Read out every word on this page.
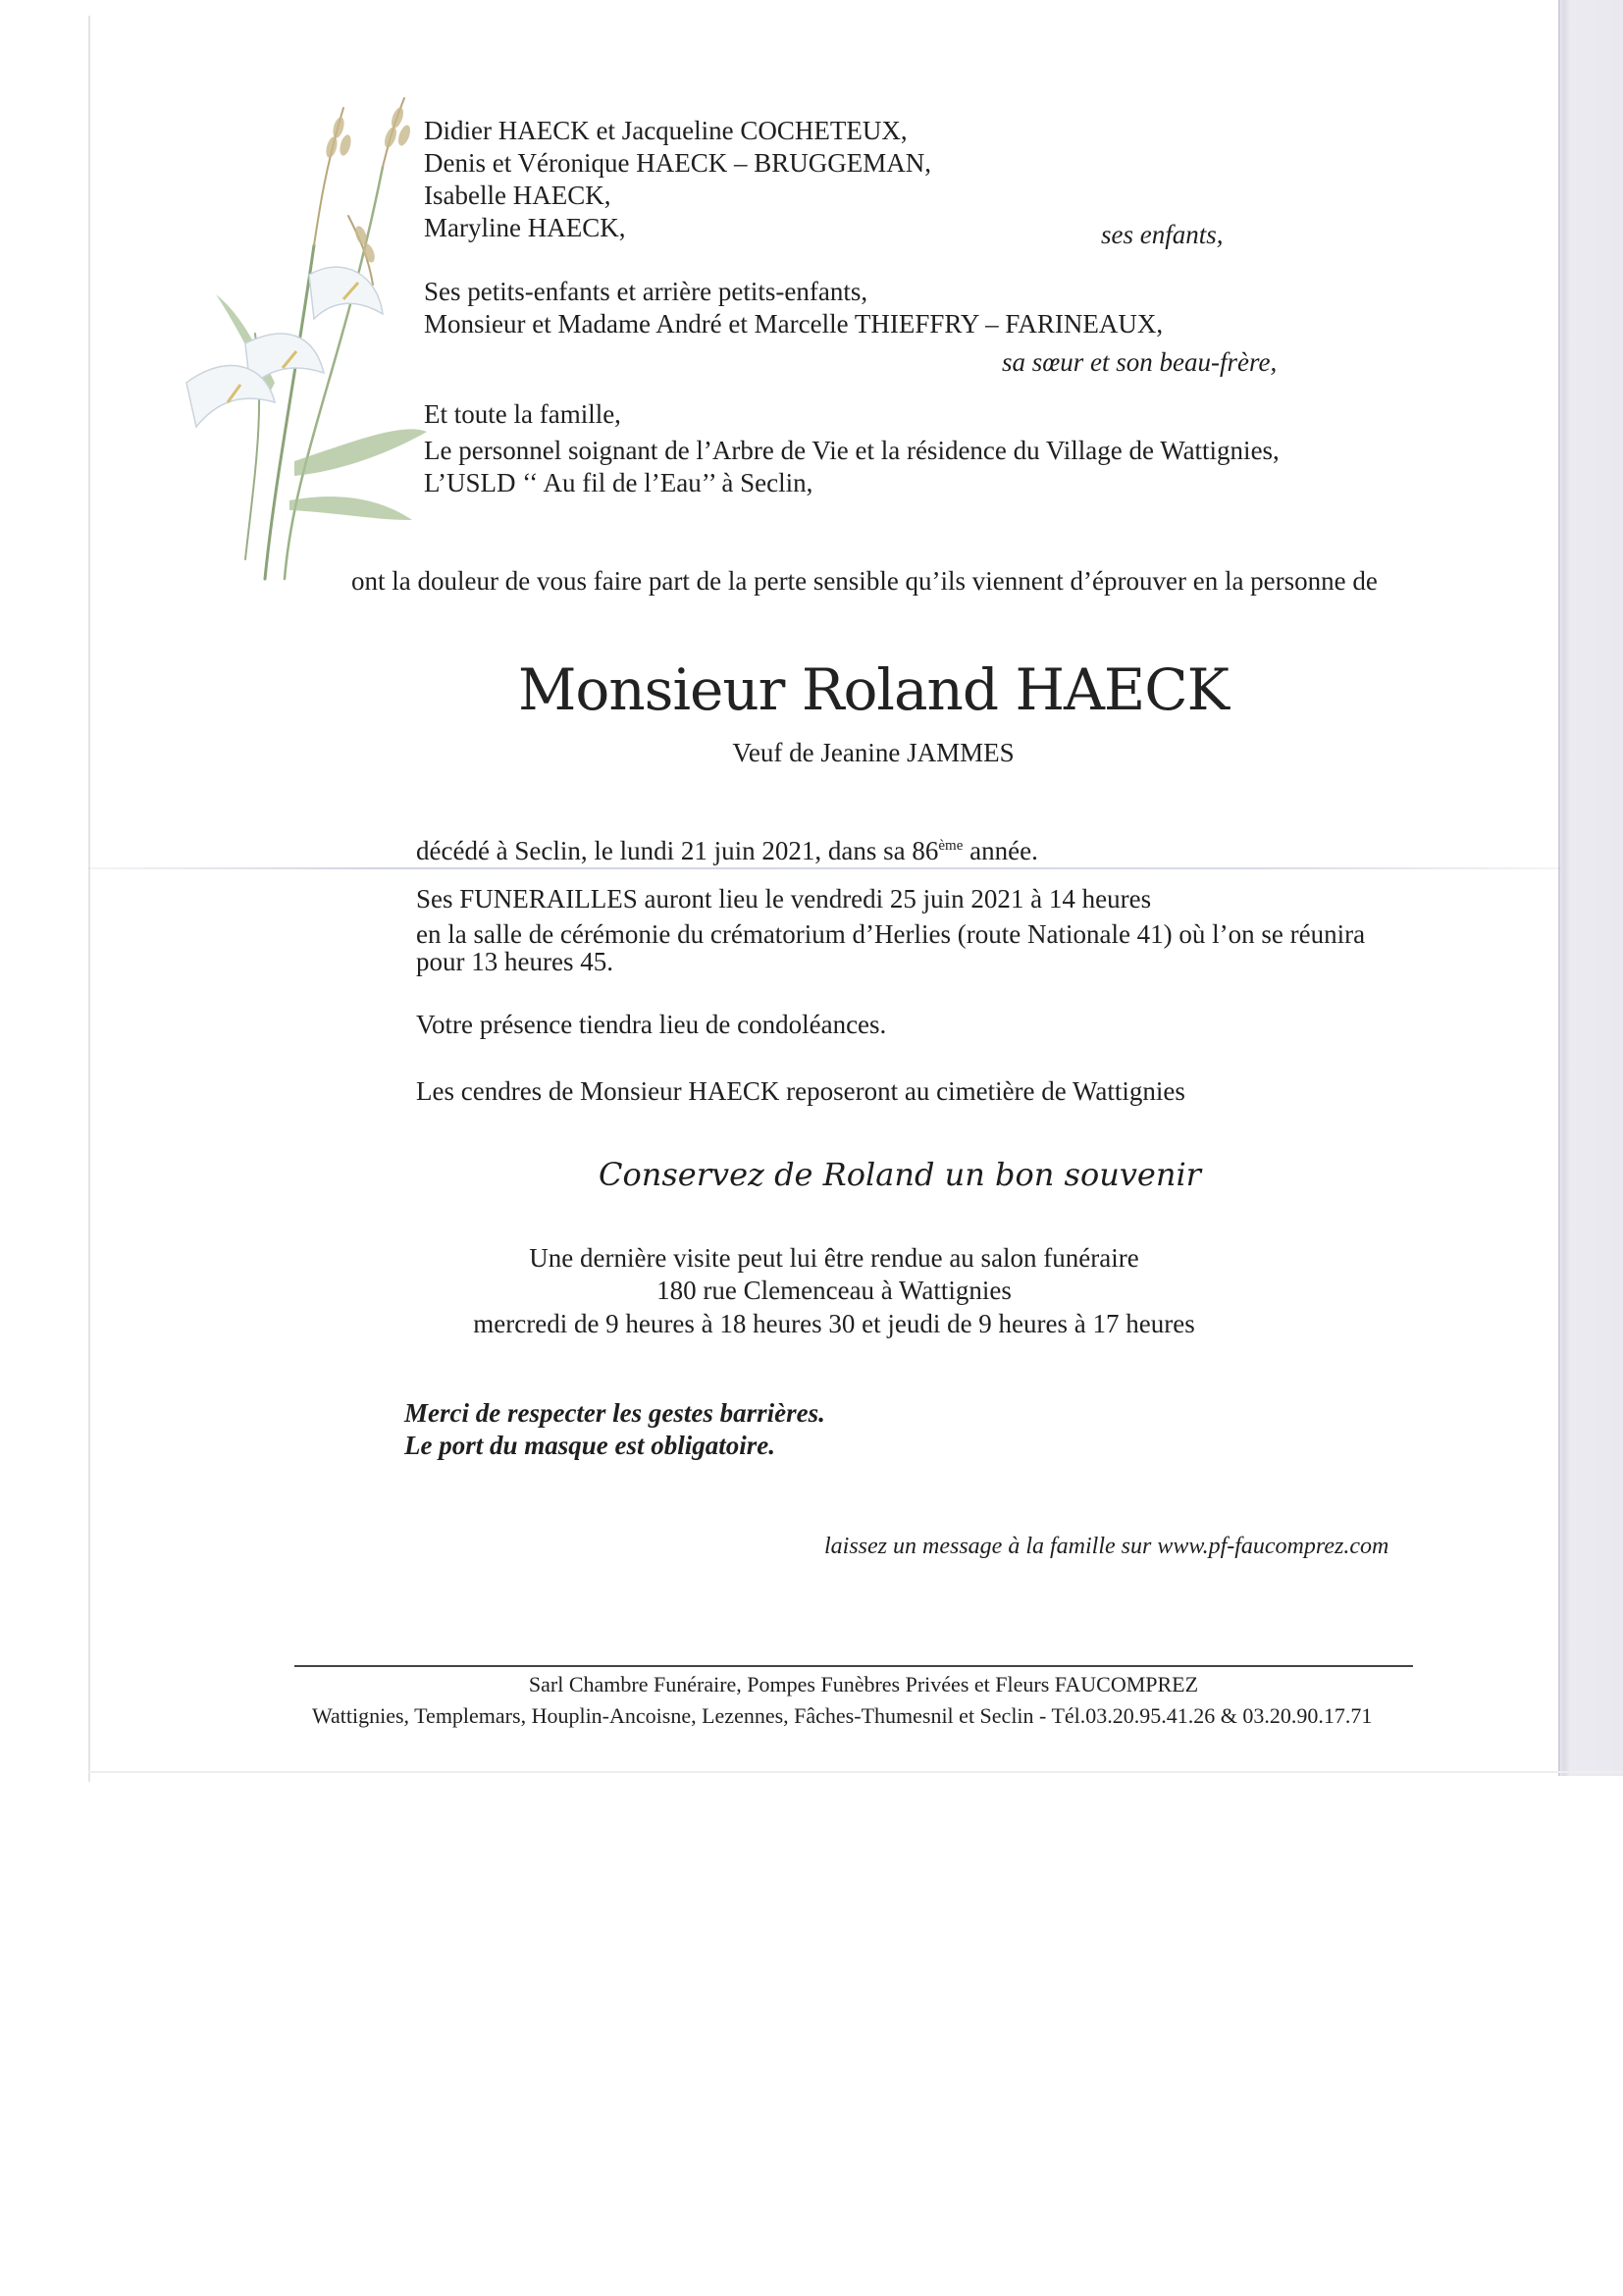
Didier HAECK et Jacqueline COCHETEUX,
Denis et Véronique HAECK – BRUGGEMAN,
Isabelle HAECK,
Maryline HAECK,	ses enfants,
Ses petits-enfants et arrière petits-enfants,
Monsieur et Madame André et Marcelle THIEFFRY – FARINEAUX,
sa sœur et son beau-frère,
Et toute la famille,
Le personnel soignant de l’Arbre de Vie et la résidence du Village de Wattignies,
L’USLD ‘‘ Au fil de l’Eau’’ à Seclin,
ont la douleur de vous faire part de la perte sensible qu’ils viennent d’éprouver en la personne de
Monsieur Roland HAECK
Veuf de Jeanine JAMMES
décédé à Seclin, le lundi 21 juin 2021, dans sa 86ème année.
Ses FUNERAILLES auront lieu le vendredi 25 juin 2021 à 14 heures
en la salle de cérémonie du crématorium d’Herlies (route Nationale 41) où l’on se réunira
pour 13 heures 45.
Votre présence tiendra lieu de condoléances.
Les cendres de Monsieur HAECK reposeront au cimetière de Wattignies
Conservez de Roland un bon souvenir
Une dernière visite peut lui être rendue au salon funéraire
180 rue Clemenceau à Wattignies
mercredi de 9 heures à 18 heures 30 et jeudi de 9 heures à 17 heures
Merci de respecter les gestes barrières.
Le port du masque est obligatoire.
laissez un message à la famille sur www.pf-faucomprez.com
Sarl Chambre Funéraire, Pompes Funèbres Privées et Fleurs FAUCOMPREZ
Wattignies, Templemars, Houplin-Ancoisne, Lezennes, Fâches-Thumesnil et Seclin - Tél.03.20.95.41.26 & 03.20.90.17.71
